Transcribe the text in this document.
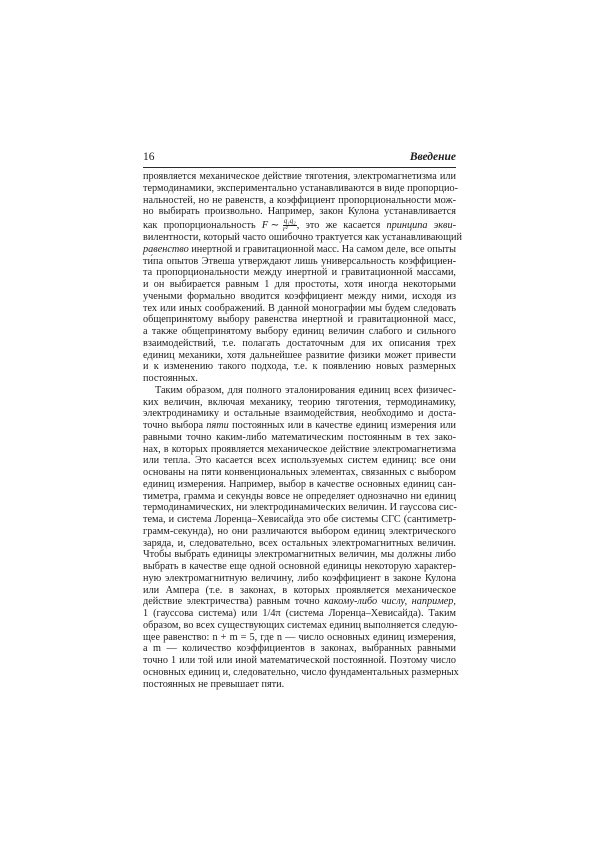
16	Введение
проявляется механическое действие тяготения, электромагнетизма или
термодинамики, экспериментально устанавливаются в виде пропорцио-
нальностей, но не равенств, а коэффициент пропорциональности мож-
но выбирать произвольно. Например, закон Кулона устанавливается
как пропорциональность F ∼ $\frac{\text{q₁q₂}}{\text{r²}}$ , это же касается принципа экви-
вилентности, который часто ошибочно трактуется как устанавливающий
равенство инертной и гравитационной масс. На самом деле, все опыты
ти́па опытов Этвеша утверждают лишь универсальность коэффициен-
та пропорциональности между инертной и гравитационной массами,
и он выбирается равным 1 для простоты, хотя иногда некоторыми
учеными формально вводится коэффициент между ними, исходя из
тех или иных соображений. В данной монографии мы будем следовать
общепринятому выбору равенства инертной и гравитационной масс,
а также общепринятому выбору единиц величин слабого и сильного
взаимодействий, т.е. полагать достаточным для их описания трех
единиц механики, хотя дальнейшее развитие физики может привести
и к изменению такого подхода, т.е. к появлению новых размерных
постоянных.
Таким образом, для полного эталонирования единиц всех физичес-
ких величин, включая механику, теорию тяготения, термодинамику,
электродинамику и остальные взаимодействия, необходимо и доста-
точно выбора пяти постоянных или в качестве единиц измерения или
равными точно каким-либо математическим постоянным в тех зако-
нах, в которых проявляется механическое действие электромагнетизма
или тепла. Это касается всех используемых систем единиц: все они
основаны на пяти конвенциональных элементах, связанных с выбором
единиц измерения. Например, выбор в качестве основных единиц сан-
тиметра, грамма и секунды вовсе не определяет однозначно ни единиц
термодинамических, ни электродинамических величин. И гауссова сис-
тема, и система Лоренца–Хевисайда это обе системы СГС (сантиметр-
грамм-секунда), но они различаются выбором единиц электрического
заряда, и, следовательно, всех остальных электромагнитных величин.
Чтобы выбрать единицы электромагнитных величин, мы должны либо
выбрать в качестве еще одной основной единицы некоторую характер-
ную электромагнитную величину, либо коэффициент в законе Кулона
или Ампера (т.е. в законах, в которых проявляется механическое
действие электричества) равным точно какому-либо числу, например,
1 (гауссова система) или 1/4π (система Лоренца–Хевисайда). Таким
образом, во всех существующих системах единиц выполняется следую-
щее равенство: n + m = 5, где n — число основных единиц измерения,
а m — количество коэффициентов в законах, выбранных равными
точно 1 или той или иной математической постоянной. Поэтому число
основных единиц и, следовательно, число фундаментальных размерных
постоянных не превышает пяти.
